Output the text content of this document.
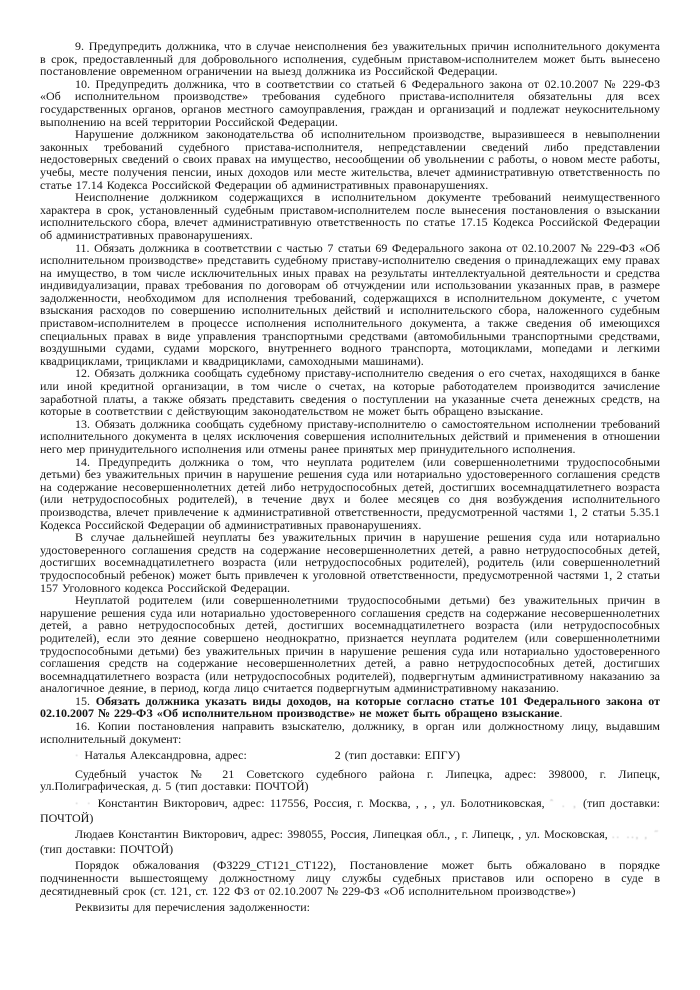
9. Предупредить должника, что в случае неисполнения без уважительных причин исполнительного документа в срок, предоставленный для добровольного исполнения, судебным приставом-исполнителем может быть вынесено постановление овременном ограничении на выезд должника из Российской Федерации.

10. Предупредить должника, что в соответствии со статьей 6 Федерального закона от 02.10.2007 № 229-ФЗ «Об исполнительном производстве» требования судебного пристава-исполнителя обязательны для всех государственных органов, органов местного самоуправления, граждан и организаций и подлежат неукоснительному выполнению на всей территории Российской Федерации.

Нарушение должником законодательства об исполнительном производстве, выразившееся в невыполнении законных требований судебного пристава-исполнителя, непредставлении сведений либо представлении недостоверных сведений о своих правах на имущество, несообщении об увольнении с работы, о новом месте работы, учебы, месте получения пенсии, иных доходов или месте жительства, влечет административную ответственность по статье 17.14 Кодекса Российской Федерации об административных правонарушениях.

Неисполнение должником содержащихся в исполнительном документе требований неимущественного характера в срок, установленный судебным приставом-исполнителем после вынесения постановления о взыскании исполнительского сбора, влечет административную ответственность по статье 17.15 Кодекса Российской Федерации об административных правонарушениях.

11. Обязать должника в соответствии с частью 7 статьи 69 Федерального закона от 02.10.2007 № 229-ФЗ «Об исполнительном производстве» представить судебному приставу-исполнителю сведения о принадлежащих ему правах на имущество, в том числе исключительных иных правах на результаты интеллектуальной деятельности и средства индивидуализации, правах требования по договорам об отчуждении или использовании указанных прав, в размере задолженности, необходимом для исполнения требований, содержащихся в исполнительном документе, с учетом взыскания расходов по совершению исполнительных действий и исполнительского сбора, наложенного судебным приставом-исполнителем в процессе исполнения исполнительного документа, а также сведения об имеющихся специальных правах в виде управления транспортными средствами (автомобильными транспортными средствами, воздушными судами, судами морского, внутреннего водного транспорта, мотоциклами, мопедами и легкими квадрициклами, трициклами и квадрициклами, самоходными машинами).

12. Обязать должника сообщать судебному приставу-исполнителю сведения о его счетах, находящихся в банке или иной кредитной организации, в том числе о счетах, на которые работодателем производится зачисление заработной платы, а также обязать представить сведения о поступлении на указанные счета денежных средств, на которые в соответствии с действующим законодательством не может быть обращено взыскание.

13. Обязать должника сообщать судебному приставу-исполнителю о самостоятельном исполнении требований исполнительного документа в целях исключения совершения исполнительных действий и применения в отношении него мер принудительного исполнения или отмены ранее принятых мер принудительного исполнения.

14. Предупредить должника о том, что неуплата родителем (или совершеннолетними трудоспособными детьми) без уважительных причин в нарушение решения суда или нотариально удостоверенного соглашения средств на содержание несовершеннолетних детей либо нетрудоспособных детей, достигших восемнадцатилетнего возраста (или нетрудоспособных родителей), в течение двух и более месяцев со дня возбуждения исполнительного производства, влечет привлечение к административной ответственности, предусмотренной частями 1, 2 статьи 5.35.1 Кодекса Российской Федерации об административных правонарушениях.

В случае дальнейшей неуплаты без уважительных причин в нарушение решения суда или нотариально удостоверенного соглашения средств на содержание несовершеннолетних детей, а равно нетрудоспособных детей, достигших восемнадцатилетнего возраста (или нетрудоспособных родителей), родитель (или совершеннолетний трудоспособный ребенок) может быть привлечен к уголовной ответственности, предусмотренной частями 1, 2 статьи 157 Уголовного кодекса Российской Федерации.

Неуплатой родителем (или совершеннолетними трудоспособными детьми) без уважительных причин в нарушение решения суда или нотариально удостоверенного соглашения средств на содержание несовершеннолетних детей, а равно нетрудоспособных детей, достигших восемнадцатилетнего возраста (или нетрудоспособных родителей), если это деяние совершено неоднократно, признается неуплата родителем (или совершеннолетними трудоспособными детьми) без уважительных причин в нарушение решения суда или нотариально удостоверенного соглашения средств на содержание несовершеннолетних детей, а равно нетрудоспособных детей, достигших восемнадцатилетнего возраста (или нетрудоспособных родителей), подвергнутым административному наказанию за аналогичное деяние, в период, когда лицо считается подвергнутым административному наказанию.

15. Обязать должника указать виды доходов, на которые согласно статье 101 Федерального закона от 02.10.2007 № 229-ФЗ «Об исполнительном производстве» не может быть обращено взыскание.

16. Копии постановления направить взыскателю, должнику, в орган или должностному лицу, выдавшим исполнительный документ:

· Наталья Александровна, адрес:	2 (тип доставки: ЕПГУ)

Судебный участок № 21 Советского судебного района г. Липецка, адрес: 398000, г. Липецк, ул.Полиграфическая, д. 5 (тип доставки: ПОЧТОЙ)

· · Константин Викторович, адрес: 117556, Россия, г. Москва, , , , ул. Болотниковская, ˆ . , (тип доставки: ПОЧТОЙ)

Людаев Константин Викторович, адрес: 398055, Россия, Липецкая обл., , г. Липецк, , ул. Московская, .. .., , ˝ (тип доставки: ПОЧТОЙ)

Порядок обжалования (ФЗ229_СТ121_СТ122), Постановление может быть обжаловано в порядке подчиненности вышестоящему должностному лицу службы судебных приставов или оспорено в суде в десятидневный срок (ст. 121, ст. 122 ФЗ от 02.10.2007 № 229-ФЗ «Об исполнительном производстве»)

Реквизиты для перечисления задолженности:
